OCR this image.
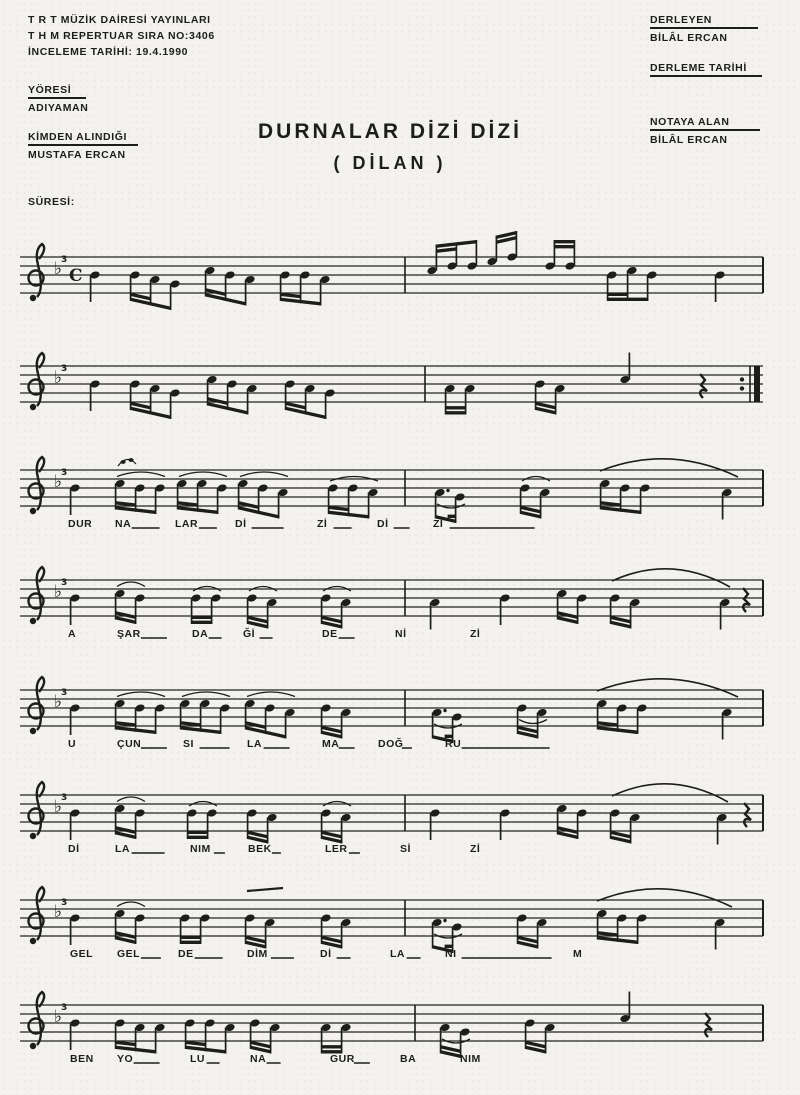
T R T MÜZİK DAİRESİ YAYINLARI
T H M REPERTUAR SIRA NO:3406
İNCELEME TARİHİ: 19.4.1990
YÖRESİ
ADIYAMAN
KİMDEN ALINDIĞI
MUSTAFA ERCAN
SÜRESİ:
DERLEYEN
BİLÂL ERCAN
DERLEME TARİHİ
NOTAYA ALAN
BİLÂL ERCAN
DURNALAR DİZİ DİZİ
( DİLAN )
♭
3
C
♭
3
♭
3
DUR NA	LAR	Dİ	Zİ	Dİ	Zİ
♭
3
A	ŞAR	DA	Ğİ	DE	Nİ	Zİ
♭
3
U	ÇUN	SI	LA	MA	DOĞ	RU
♭
3
Dİ	LA	NIM	BEK	LER	Sİ	Zİ
♭
3
GEL GEL	DE	DİM	Dİ	LA	NI	M
♭
3
BEN YO	LU	NA	GUR	BA	NIM
